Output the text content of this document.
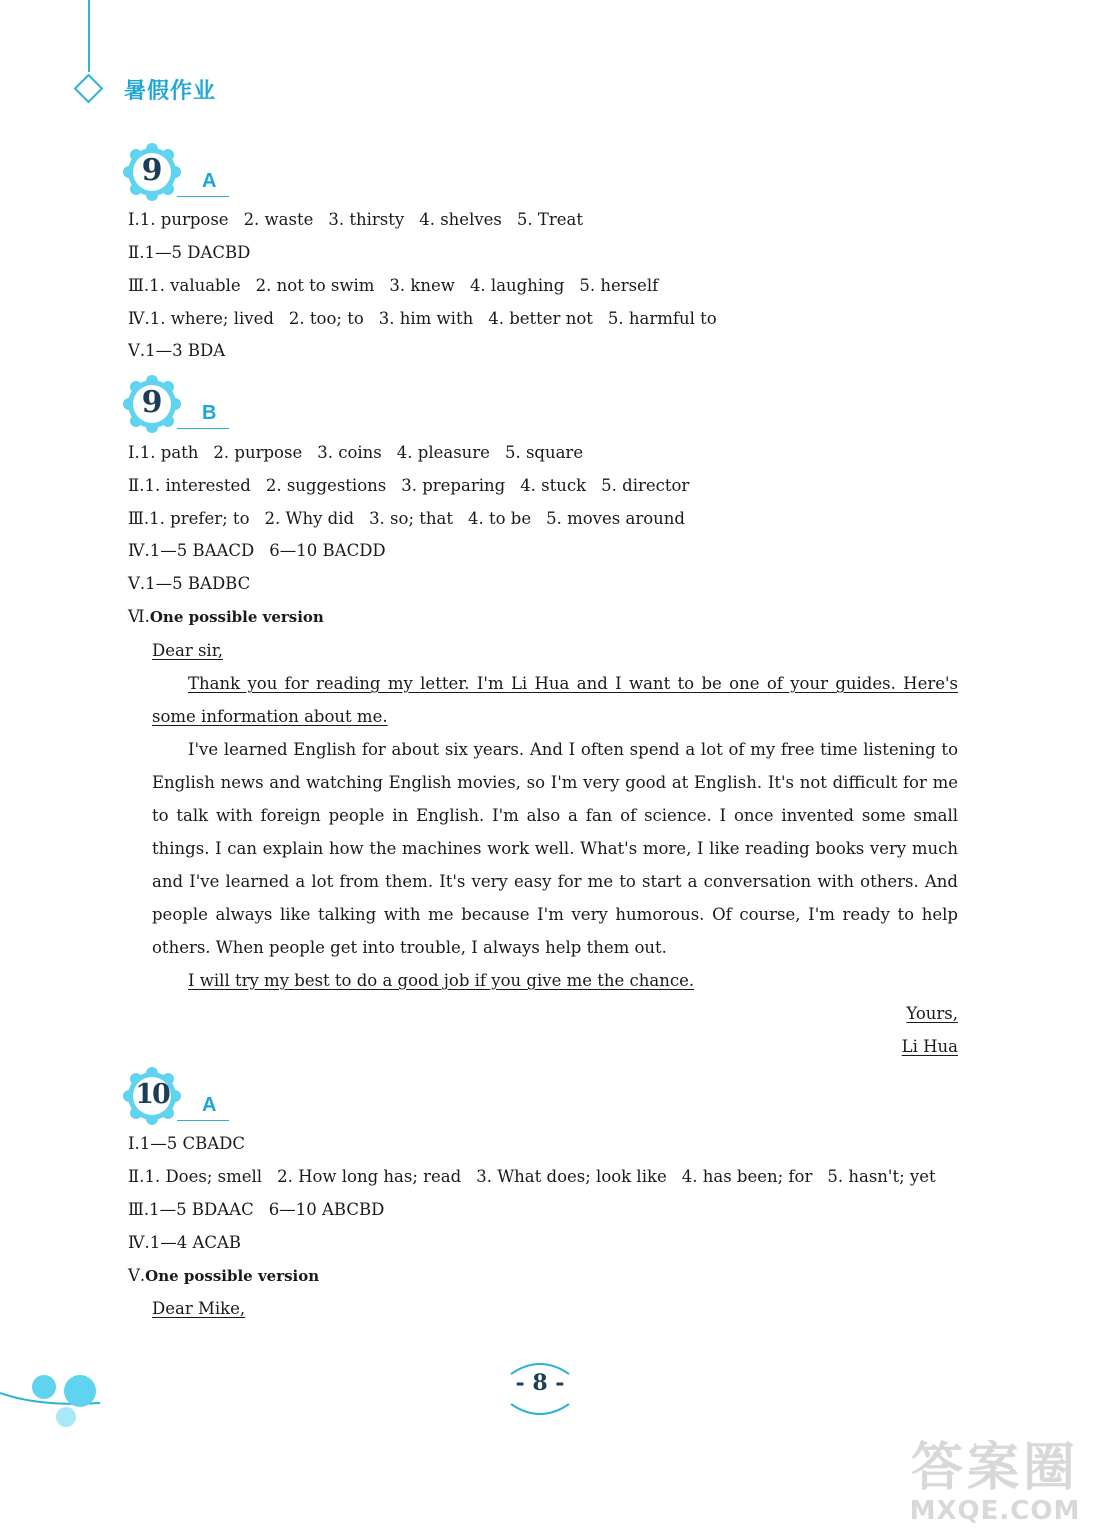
暑假作业
9	A
Ⅰ.1. purpose 2. waste 3. thirsty 4. shelves 5. Treat
Ⅱ.1—5 DACBD
Ⅲ.1. valuable 2. not to swim 3. knew 4. laughing 5. herself
Ⅳ.1. where; lived 2. too; to 3. him with 4. better not 5. harmful to
Ⅴ.1—3 BDA
9	B
Ⅰ.1. path 2. purpose 3. coins 4. pleasure 5. square
Ⅱ.1. interested 2. suggestions 3. preparing 4. stuck 5. director
Ⅲ.1. prefer; to 2. Why did 3. so; that 4. to be 5. moves around
Ⅳ.1—5 BAACD 6—10 BACDD
Ⅴ.1—5 BADBC
Ⅵ.One possible version

Dear sir,

Thank you for reading my letter. I'm Li Hua and I want to be one of your guides. Here's some information about me.

I've learned English for about six years. And I often spend a lot of my free time listening to English news and watching English movies, so I'm very good at English. It's not difficult for me to talk with foreign people in English. I'm also a fan of science. I once invented some small things. I can explain how the machines work well. What's more, I like reading books very much and I've learned a lot from them. It's very easy for me to start a conversation with others. And people always like talking with me because I'm very humorous. Of course, I'm ready to help others. When people get into trouble, I always help them out.

I will try my best to do a good job if you give me the chance.

Yours,

Li Hua

10	A
Ⅰ.1—5 CBADC
Ⅱ.1. Does; smell 2. How long has; read 3. What does; look like 4. has been; for 5. hasn't; yet
Ⅲ.1—5 BDAAC 6—10 ABCBD
Ⅳ.1—4 ACAB
Ⅴ.One possible version

Dear Mike,

- 8 -
答案圈
MXQE.COM
